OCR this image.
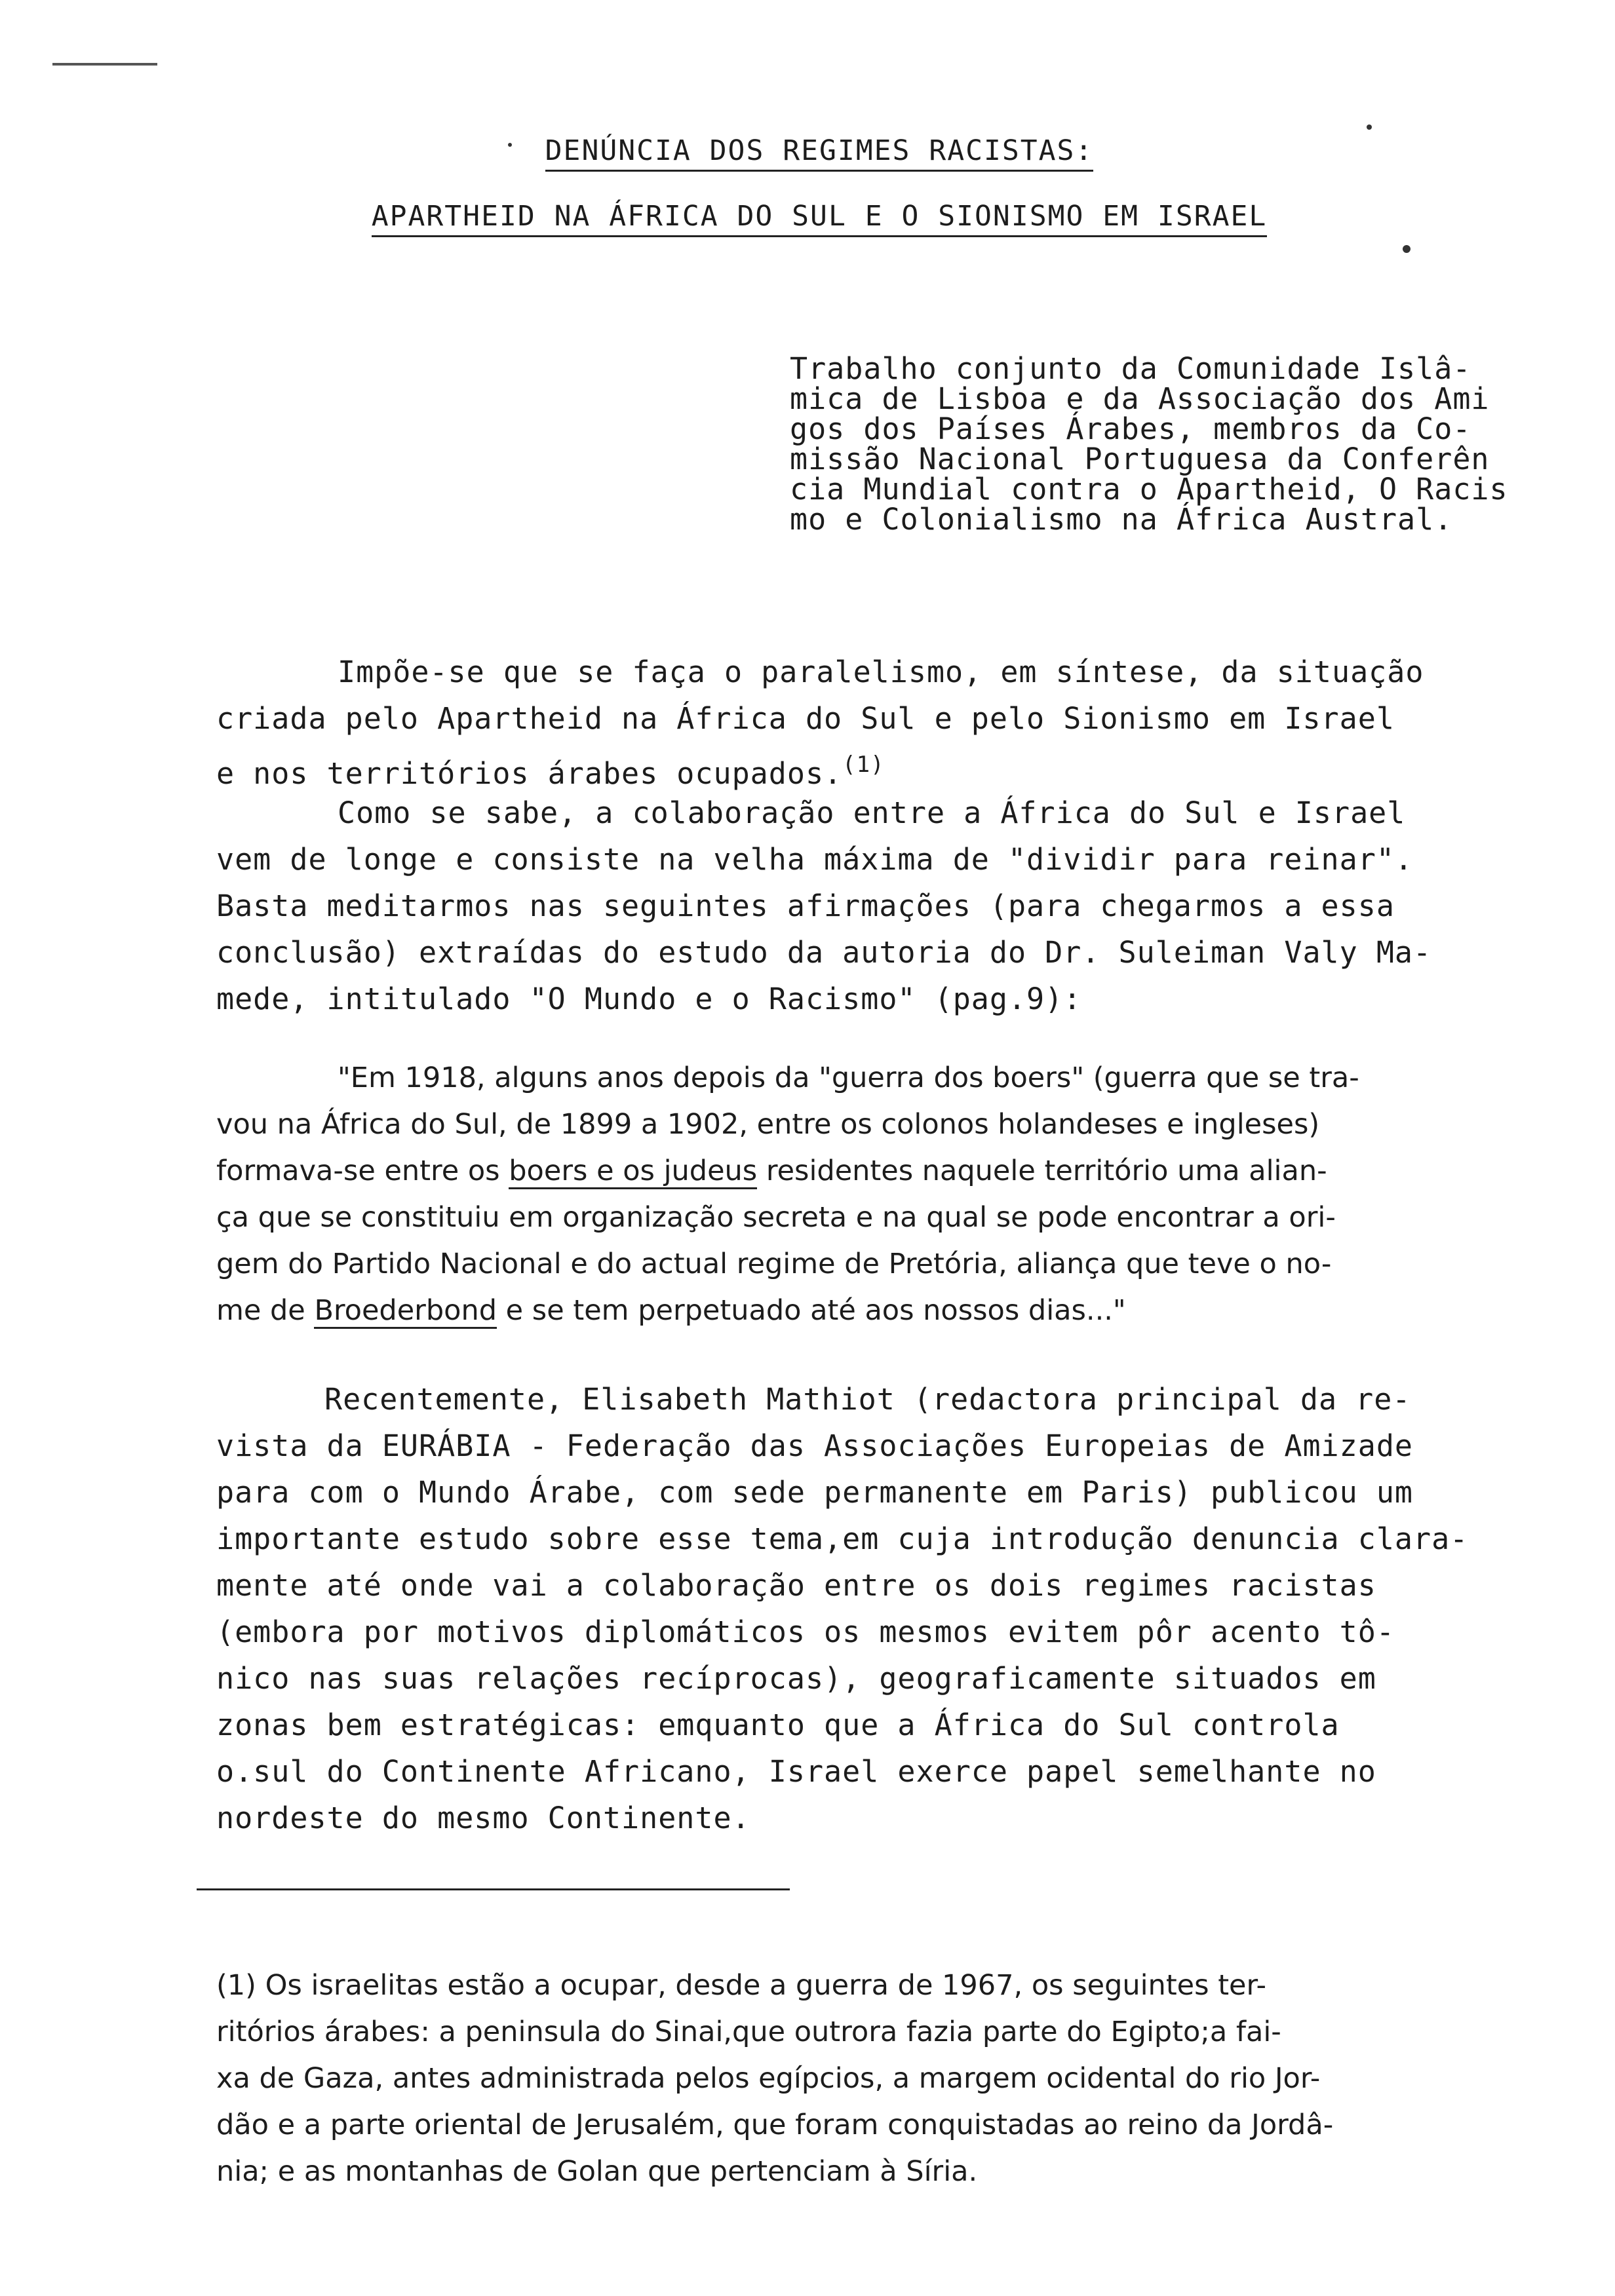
DENÚNCIA DOS REGIMES RACISTAS:
APARTHEID NA ÁFRICA DO SUL E O SIONISMO EM ISRAEL

Trabalho conjunto da Comunidade Islâ-

mica de Lisboa e da Associação dos Ami

gos dos Países Árabes, membros da Co-

missão Nacional Portuguesa da Conferên

cia Mundial contra o Apartheid, O Racis

mo e Colonialismo na África Austral.

Impõe-se que se faça o paralelismo, em síntese, da situação

criada pelo Apartheid na África do Sul e pelo Sionismo em Israel

e nos territórios árabes ocupados.$^{(1)}$

Como se sabe, a colaboração entre a África do Sul e Israel

vem de longe e consiste na velha máxima de "dividir para reinar".

Basta meditarmos nas seguintes afirmações (para chegarmos a essa

conclusão) extraídas do estudo da autoria do Dr. Suleiman Valy Ma-

mede, intitulado "O Mundo e o Racismo" (pag.9):

"Em 1918, alguns anos depois da "guerra dos boers" (guerra que se tra-

vou na África do Sul, de 1899 a 1902, entre os colonos holandeses e ingleses)

formava-se entre os boers e os judeus residentes naquele território uma alian-

ça que se constituiu em organização secreta e na qual se pode encontrar a ori-

gem do Partido Nacional e do actual regime de Pretória, aliança que teve o no-

me de Broederbond e se tem perpetuado até aos nossos dias..."

Recentemente, Elisabeth Mathiot (redactora principal da re-

vista da EURÁBIA - Federação das Associações Europeias de Amizade

para com o Mundo Árabe, com sede permanente em Paris) publicou um

importante estudo sobre esse tema,em cuja introdução denuncia clara-

mente até onde vai a colaboração entre os dois regimes racistas

(embora por motivos diplomáticos os mesmos evitem pôr acento tô-

nico nas suas relações recíprocas), geograficamente situados em

zonas bem estratégicas: emquanto que a África do Sul controla

o.sul do Continente Africano, Israel exerce papel semelhante no

nordeste do mesmo Continente.

(1) Os israelitas estão a ocupar, desde a guerra de 1967, os seguintes ter-

ritórios árabes: a peninsula do Sinai,que outrora fazia parte do Egipto;a fai-

xa de Gaza, antes administrada pelos egípcios, a margem ocidental do rio Jor-

dão e a parte oriental de Jerusalém, que foram conquistadas ao reino da Jordâ-

nia; e as montanhas de Golan que pertenciam à Síria.
